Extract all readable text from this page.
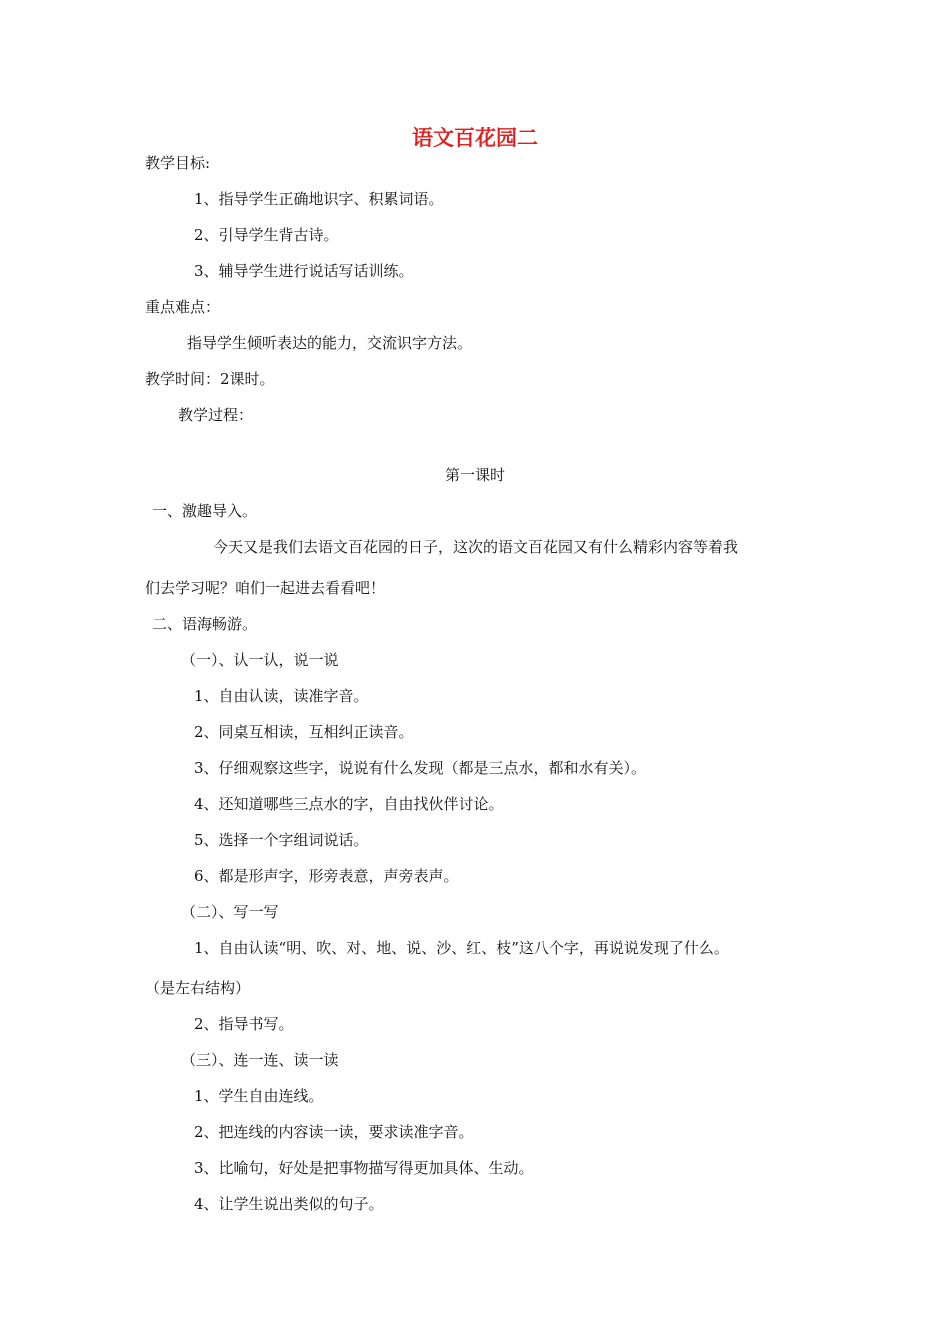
语文百花园二
教学目标:
1、指导学生正确地识字、积累词语。
2、引导学生背古诗。
3、辅导学生进行说话写话训练。
重点难点：
指导学生倾听表达的能力，交流识字方法。
教学时间：2课时。
教学过程：
第一课时
一、激趣导入。
今天又是我们去语文百花园的日子，这次的语文百花园又有什么精彩内容等着我
们去学习呢？咱们一起进去看看吧！
二、语海畅游。
（一）、认一认，说一说
1、自由认读，读准字音。
2、同桌互相读，互相纠正读音。
3、仔细观察这些字，说说有什么发现（都是三点水，都和水有关）。
4、还知道哪些三点水的字，自由找伙伴讨论。
5、选择一个字组词说话。
6、都是形声字，形旁表意，声旁表声。
（二）、写一写
1、自由认读“明、吹、对、地、说、沙、红、枝”这八个字，再说说发现了什么。
（是左右结构）
2、指导书写。
（三）、连一连、读一读
1、学生自由连线。
2、把连线的内容读一读，要求读准字音。
3、比喻句，好处是把事物描写得更加具体、生动。
4、让学生说出类似的句子。
